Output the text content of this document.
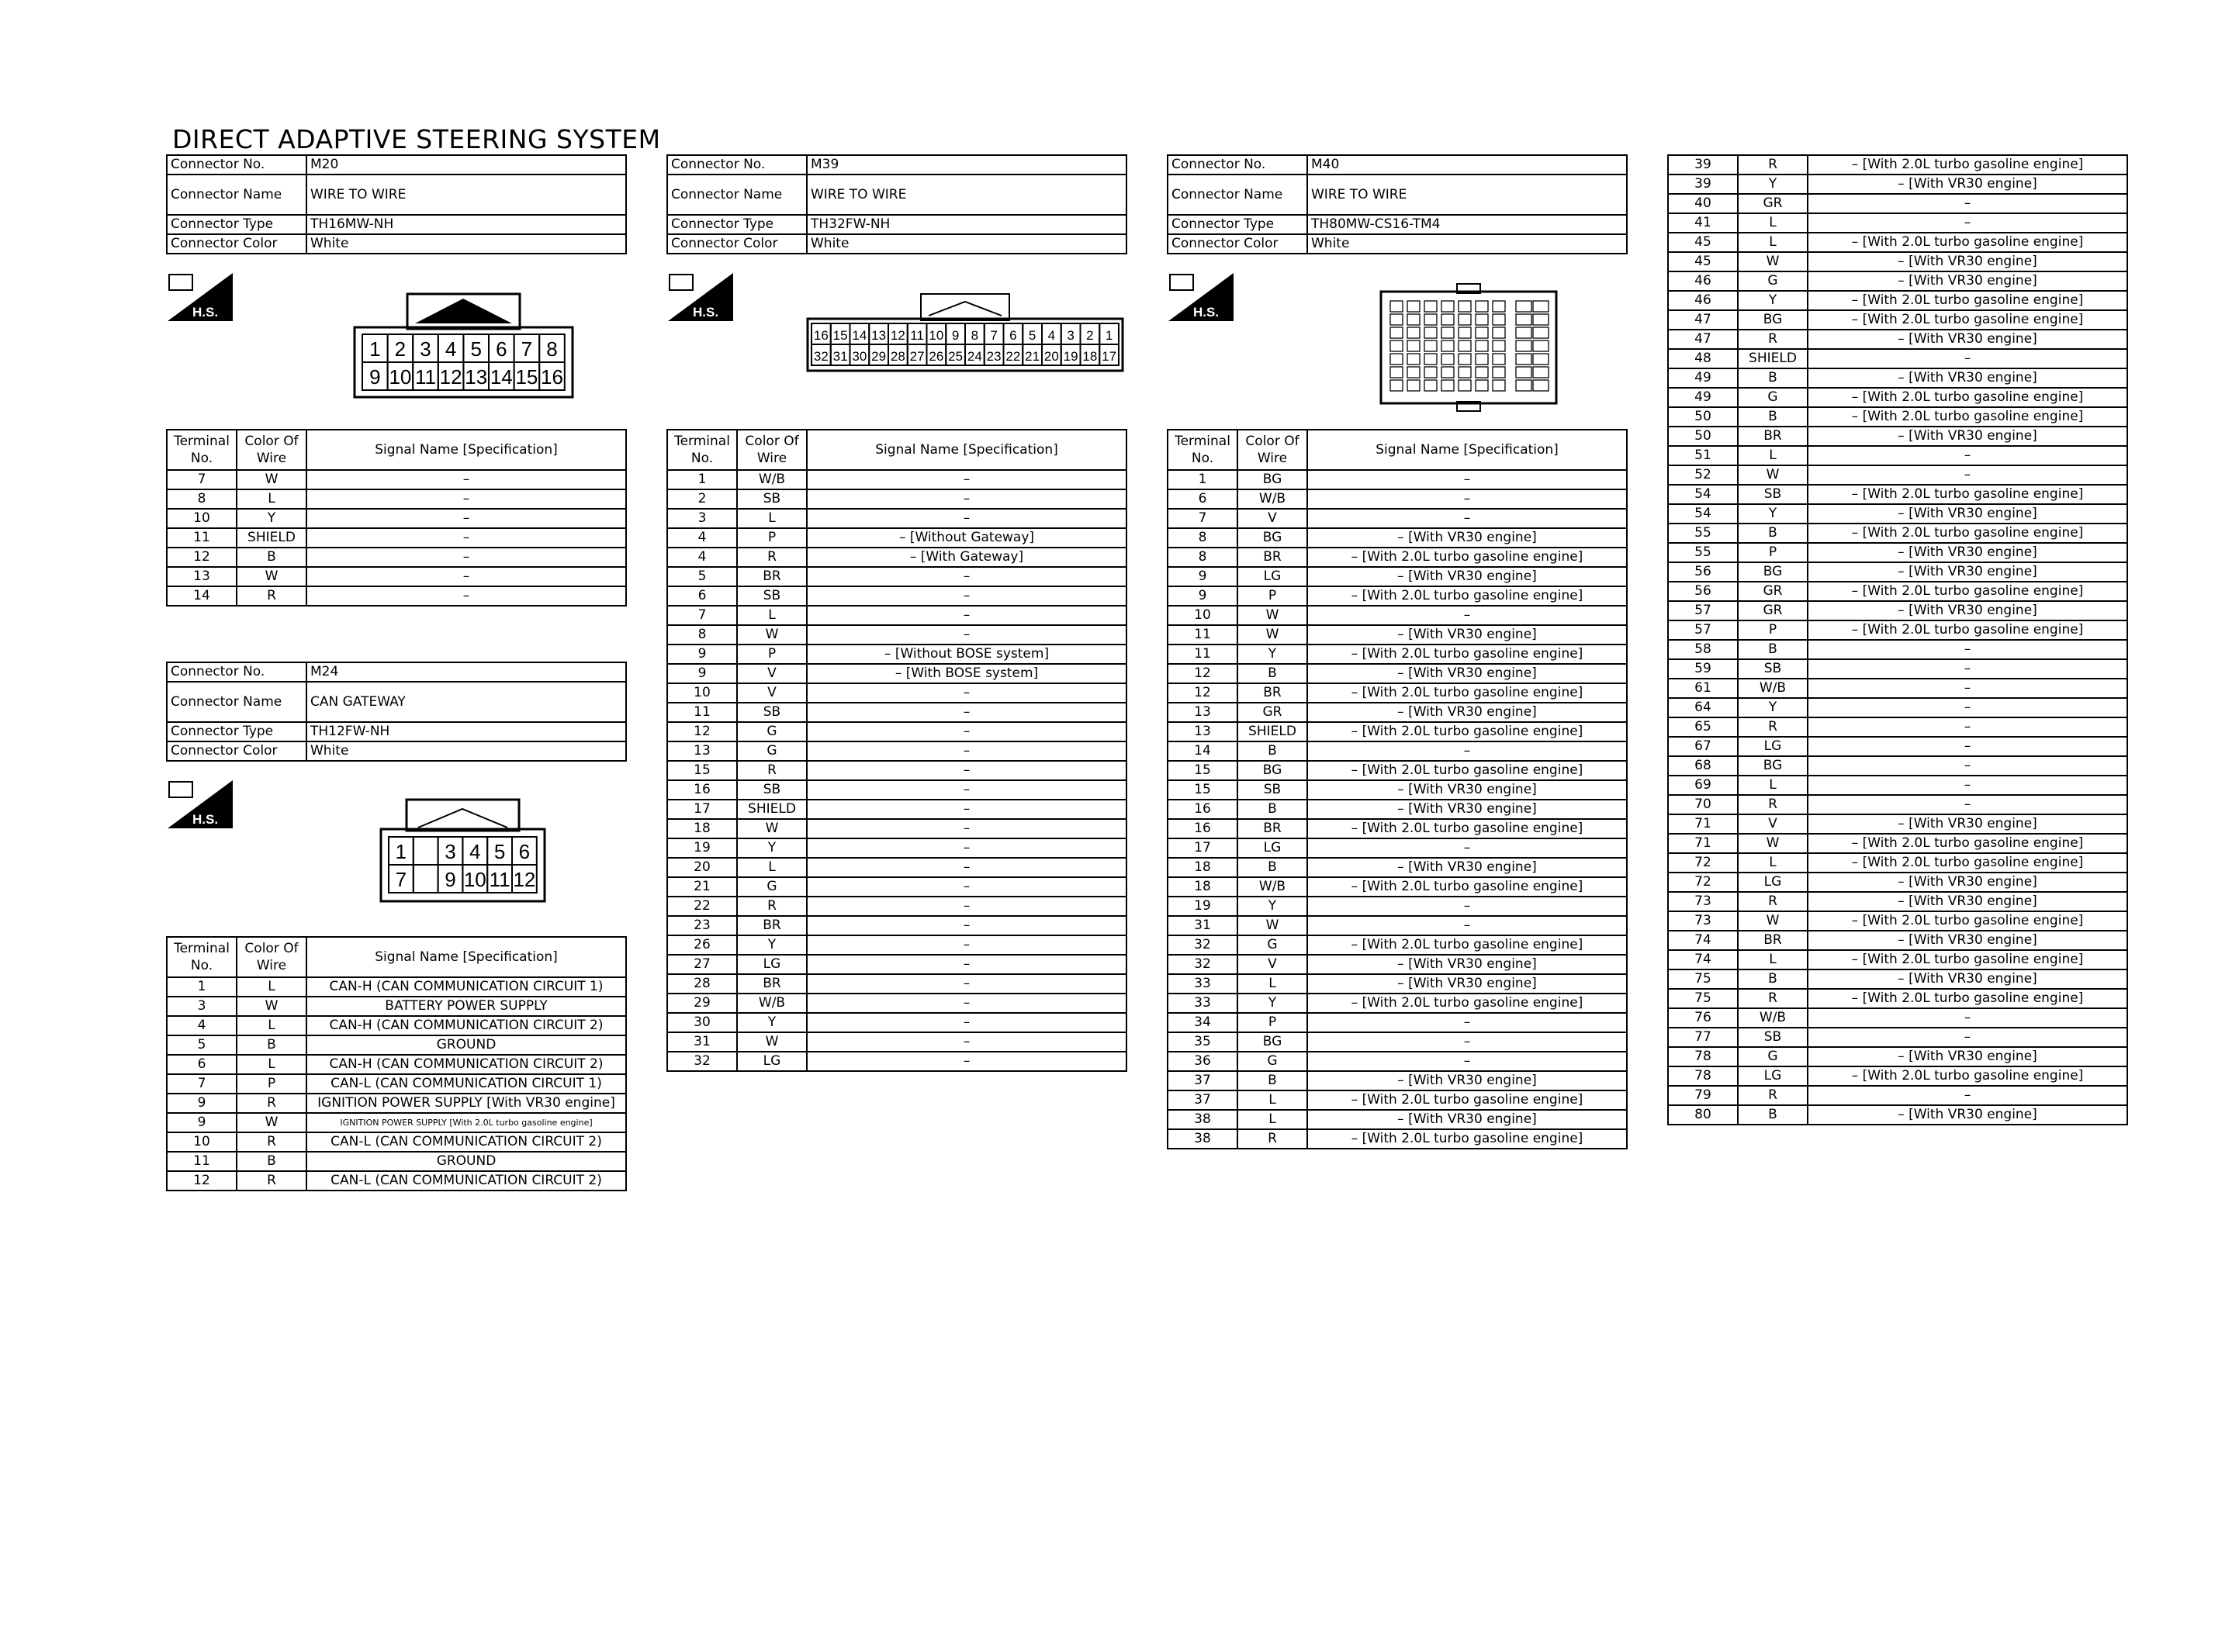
DIRECT ADAPTIVE STEERING SYSTEM
Connector No.	M20
Connector Name	WIRE TO WIRE
Connector Type	TH16MW-NH
Connector Color	White
H.S.
1 2 3 4 5 6 7 8
9 10 11 12 13 14 15 16
Terminal No.	Color Of Wire	Signal Name [Specification]
7	W	–
8	L	–
10	Y	–
11	SHIELD	–
12	B	–
13	W	–
14	R	–
Connector No.	M24
Connector Name	CAN GATEWAY
Connector Type	TH12FW-NH
Connector Color	White
H.S.
1 3 4 5 6
7 9 10 11 12
Terminal No.	Color Of Wire	Signal Name [Specification]
1	L	CAN-H (CAN COMMUNICATION CIRCUIT 1)
3	W	BATTERY POWER SUPPLY
4	L	CAN-H (CAN COMMUNICATION CIRCUIT 2)
5	B	GROUND
6	L	CAN-H (CAN COMMUNICATION CIRCUIT 2)
7	P	CAN-L (CAN COMMUNICATION CIRCUIT 1)
9	R	IGNITION POWER SUPPLY [With VR30 engine]
9	W	IGNITION POWER SUPPLY [With 2.0L turbo gasoline engine]
10	R	CAN-L (CAN COMMUNICATION CIRCUIT 2)
11	B	GROUND
12	R	CAN-L (CAN COMMUNICATION CIRCUIT 2)
Connector No.	M39
Connector Name	WIRE TO WIRE
Connector Type	TH32FW-NH
Connector Color	White
H.S.
16 15 14 13 12 11 10 9 8 7 6 5 4 3 2 1
32 31 30 29 28 27 26 25 24 23 22 21 20 19 18 17
Terminal No.	Color Of Wire	Signal Name [Specification]
1	W/B	–
2	SB	–
3	L	–
4	P	– [Without Gateway]
4	R	– [With Gateway]
5	BR	–
6	SB	–
7	L	–
8	W	–
9	P	– [Without BOSE system]
9	V	– [With BOSE system]
10	V	–
11	SB	–
12	G	–
13	G	–
15	R	–
16	SB	–
17	SHIELD	–
18	W	–
19	Y	–
20	L	–
21	G	–
22	R	–
23	BR	–
26	Y	–
27	LG	–
28	BR	–
29	W/B	–
30	Y	–
31	W	–
32	LG	–
Connector No.	M40
Connector Name	WIRE TO WIRE
Connector Type	TH80MW-CS16-TM4
Connector Color	White
H.S.
Terminal No.	Color Of Wire	Signal Name [Specification]
1	BG	–
6	W/B	–
7	V	–
8	BG	– [With VR30 engine]
8	BR	– [With 2.0L turbo gasoline engine]
9	LG	– [With VR30 engine]
9	P	– [With 2.0L turbo gasoline engine]
10	W	–
11	W	– [With VR30 engine]
11	Y	– [With 2.0L turbo gasoline engine]
12	B	– [With VR30 engine]
12	BR	– [With 2.0L turbo gasoline engine]
13	GR	– [With VR30 engine]
13	SHIELD	– [With 2.0L turbo gasoline engine]
14	B	–
15	BG	– [With 2.0L turbo gasoline engine]
15	SB	– [With VR30 engine]
16	B	– [With VR30 engine]
16	BR	– [With 2.0L turbo gasoline engine]
17	LG	–
18	B	– [With VR30 engine]
18	W/B	– [With 2.0L turbo gasoline engine]
19	Y	–
31	W	–
32	G	– [With 2.0L turbo gasoline engine]
32	V	– [With VR30 engine]
33	L	– [With VR30 engine]
33	Y	– [With 2.0L turbo gasoline engine]
34	P	–
35	BG	–
36	G	–
37	B	– [With VR30 engine]
37	L	– [With 2.0L turbo gasoline engine]
38	L	– [With VR30 engine]
38	R	– [With 2.0L turbo gasoline engine]
39	R	– [With 2.0L turbo gasoline engine]
39	Y	– [With VR30 engine]
40	GR	–
41	L	–
45	L	– [With 2.0L turbo gasoline engine]
45	W	– [With VR30 engine]
46	G	– [With VR30 engine]
46	Y	– [With 2.0L turbo gasoline engine]
47	BG	– [With 2.0L turbo gasoline engine]
47	R	– [With VR30 engine]
48	SHIELD	–
49	B	– [With VR30 engine]
49	G	– [With 2.0L turbo gasoline engine]
50	B	– [With 2.0L turbo gasoline engine]
50	BR	– [With VR30 engine]
51	L	–
52	W	–
54	SB	– [With 2.0L turbo gasoline engine]
54	Y	– [With VR30 engine]
55	B	– [With 2.0L turbo gasoline engine]
55	P	– [With VR30 engine]
56	BG	– [With VR30 engine]
56	GR	– [With 2.0L turbo gasoline engine]
57	GR	– [With VR30 engine]
57	P	– [With 2.0L turbo gasoline engine]
58	B	–
59	SB	–
61	W/B	–
64	Y	–
65	R	–
67	LG	–
68	BG	–
69	L	–
70	R	–
71	V	– [With VR30 engine]
71	W	– [With 2.0L turbo gasoline engine]
72	L	– [With 2.0L turbo gasoline engine]
72	LG	– [With VR30 engine]
73	R	– [With VR30 engine]
73	W	– [With 2.0L turbo gasoline engine]
74	BR	– [With VR30 engine]
74	L	– [With 2.0L turbo gasoline engine]
75	B	– [With VR30 engine]
75	R	– [With 2.0L turbo gasoline engine]
76	W/B	–
77	SB	–
78	G	– [With VR30 engine]
78	LG	– [With 2.0L turbo gasoline engine]
79	R	–
80	B	– [With VR30 engine]
